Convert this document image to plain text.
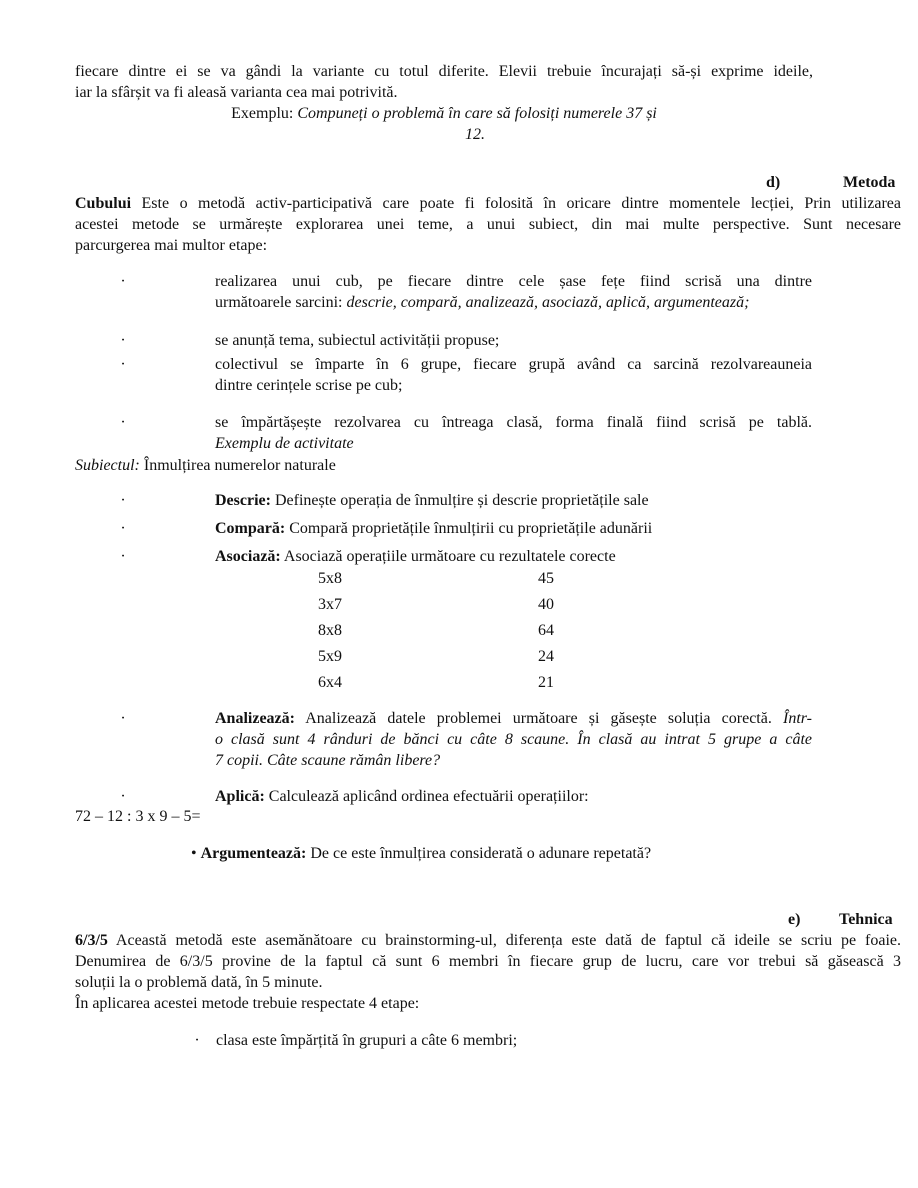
fiecare dintre ei se va gândi la variante cu totul diferite. Elevii trebuie încurajați să-și exprime ideile,
iar la sfârșit va fi aleasă varianta cea mai potrivită.
Exemplu: Compuneți o problemă în care să folosiți numerele 37 și
12.
d)	Metoda
Cubului Este o metodă activ-participativă care poate fi folosită în oricare dintre momentele lecției, Prin utilizarea
acestei metode se urmărește explorarea unei teme, a unui subiect, din mai multe perspective. Sunt necesare
parcurgerea mai multor etape:
·	realizarea unui cub, pe fiecare dintre cele șase fețe fiind scrisă una dintre
următoarele sarcini: descrie, compară, analizează, asociază, aplică, argumentează;
·	se anunță tema, subiectul activității propuse;
·	colectivul se împarte în 6 grupe, fiecare grupă având ca sarcină rezolvareauneia
dintre cerințele scrise pe cub;
·	se împărtășește rezolvarea cu întreaga clasă, forma finală fiind scrisă pe tablă.
Exemplu de activitate
Subiectul: Înmulțirea numerelor naturale
·	Descrie: Definește operația de înmulțire și descrie proprietățile sale
·	Compară: Compară proprietățile înmulțirii cu proprietățile adunării
·	Asociază: Asociază operațiile următoare cu rezultatele corecte
5x8	45
3x7	40
8x8	64
5x9	24
6x4	21
·	Analizează: Analizează datele problemei următoare și găsește soluția corectă. Într-
o clasă sunt 4 rânduri de bănci cu câte 8 scaune. În clasă au intrat 5 grupe a câte
7 copii. Câte scaune rămân libere?
·	Aplică: Calculează aplicând ordinea efectuării operațiilor:
72 – 12 : 3 x 9 – 5=
• Argumentează: De ce este înmulțirea considerată o adunare repetată?
e) Tehnica
6/3/5 Această metodă este asemănătoare cu brainstorming-ul, diferența este dată de faptul că ideile se scriu pe foaie.
Denumirea de 6/3/5 provine de la faptul că sunt 6 membri în fiecare grup de lucru, care vor trebui să găsească 3
soluții la o problemă dată, în 5 minute.
În aplicarea acestei metode trebuie respectate 4 etape:
· clasa este împărțită în grupuri a câte 6 membri;
